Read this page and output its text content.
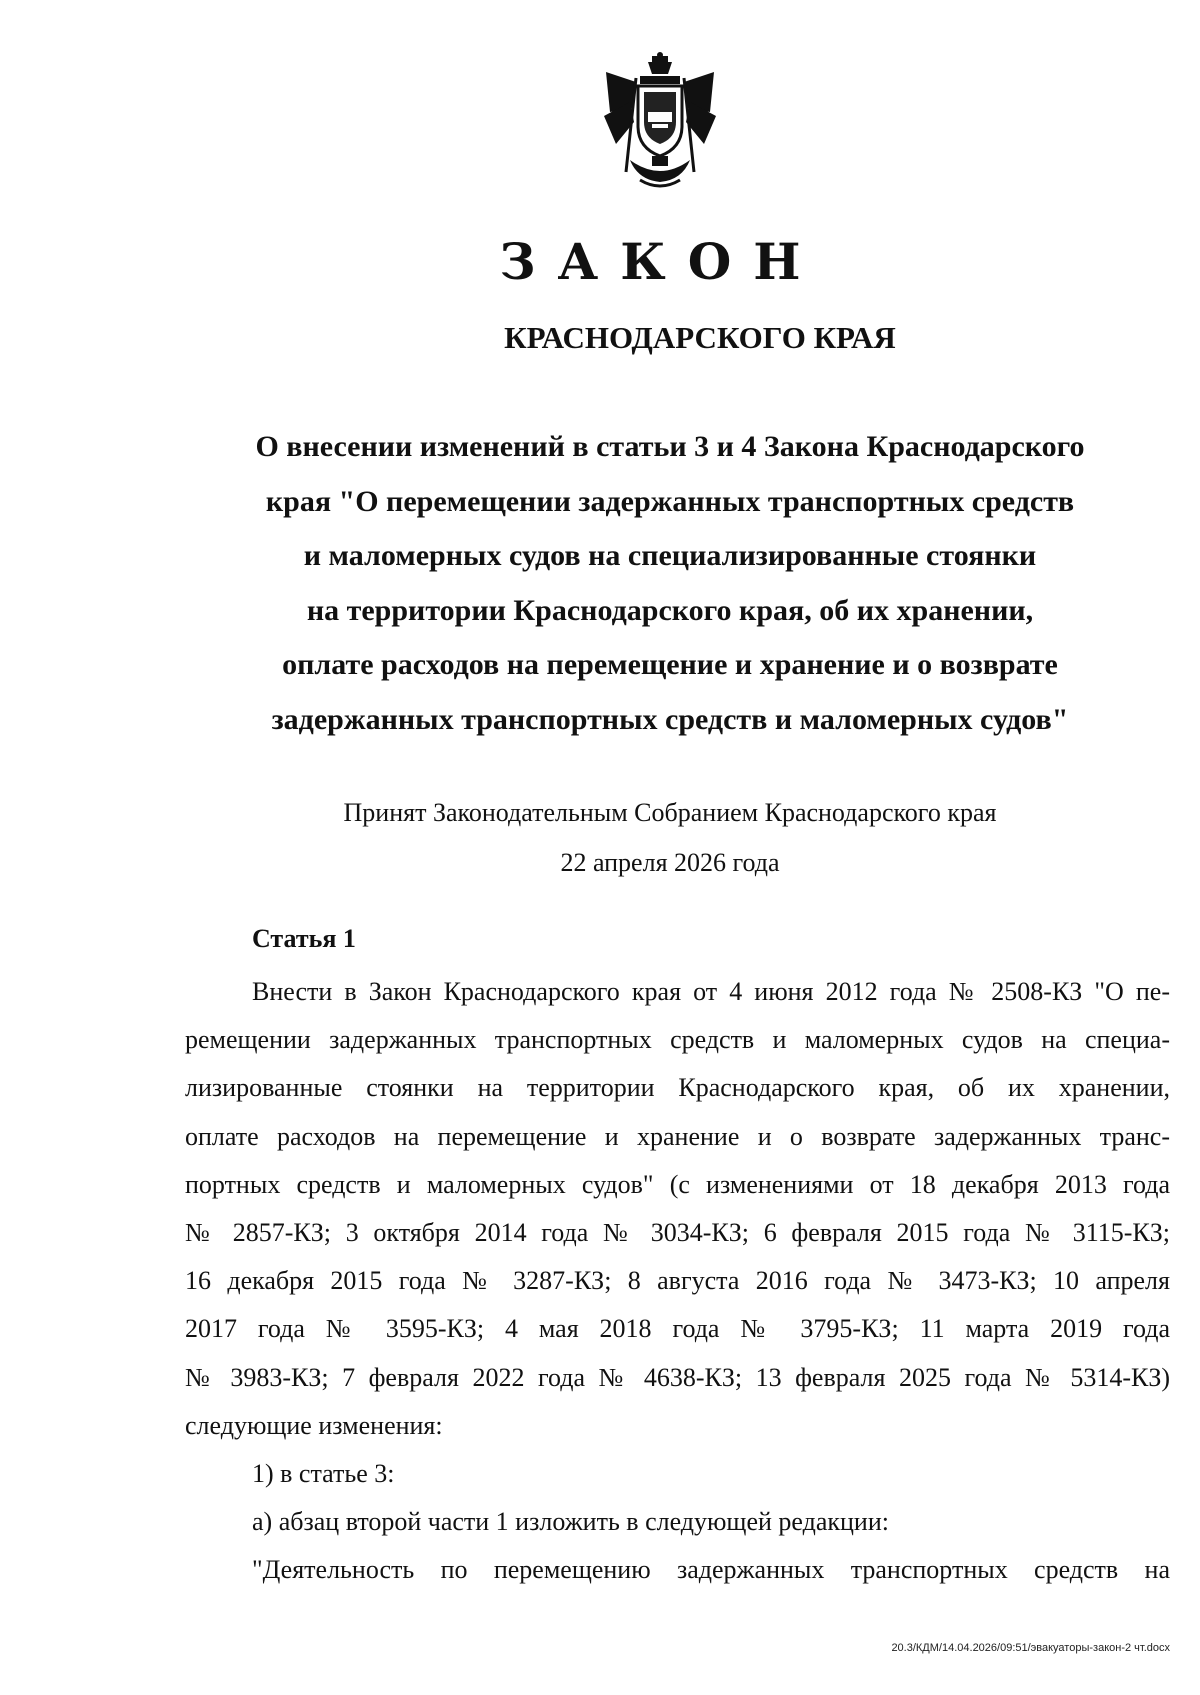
ЗАКОН
КРАСНОДАРСКОГО КРАЯ
О внесении изменений в статьи 3 и 4 Закона Краснодарского
края "О перемещении задержанных транспортных средств
и маломерных судов на специализированные стоянки
на территории Краснодарского края, об их хранении,
оплате расходов на перемещение и хранение и о возврате
задержанных транспортных средств и маломерных судов"
Принят Законодательным Собранием Краснодарского края
22 апреля 2026 года
Статья 1
Внести в Закон Краснодарского края от 4 июня 2012 года № 2508-КЗ "О пе-
ремещении задержанных транспортных средств и маломерных судов на специа-
лизированные стоянки на территории Краснодарского края, об их хранении,
оплате расходов на перемещение и хранение и о возврате задержанных транс-
портных средств и маломерных судов" (с изменениями от 18 декабря 2013 года
№ 2857-КЗ; 3 октября 2014 года № 3034-КЗ; 6 февраля 2015 года № 3115-КЗ;
16 декабря 2015 года № 3287-КЗ; 8 августа 2016 года № 3473-КЗ; 10 апреля
2017 года № 3595-КЗ; 4 мая 2018 года № 3795-КЗ; 11 марта 2019 года
№ 3983-КЗ; 7 февраля 2022 года № 4638-КЗ; 13 февраля 2025 года № 5314-КЗ)
следующие изменения:
1) в статье 3:
а) абзац второй части 1 изложить в следующей редакции:
"Деятельность по перемещению задержанных транспортных средств на
20.3/КДМ/14.04.2026/09:51/эвакуаторы-закон-2 чт.docx
